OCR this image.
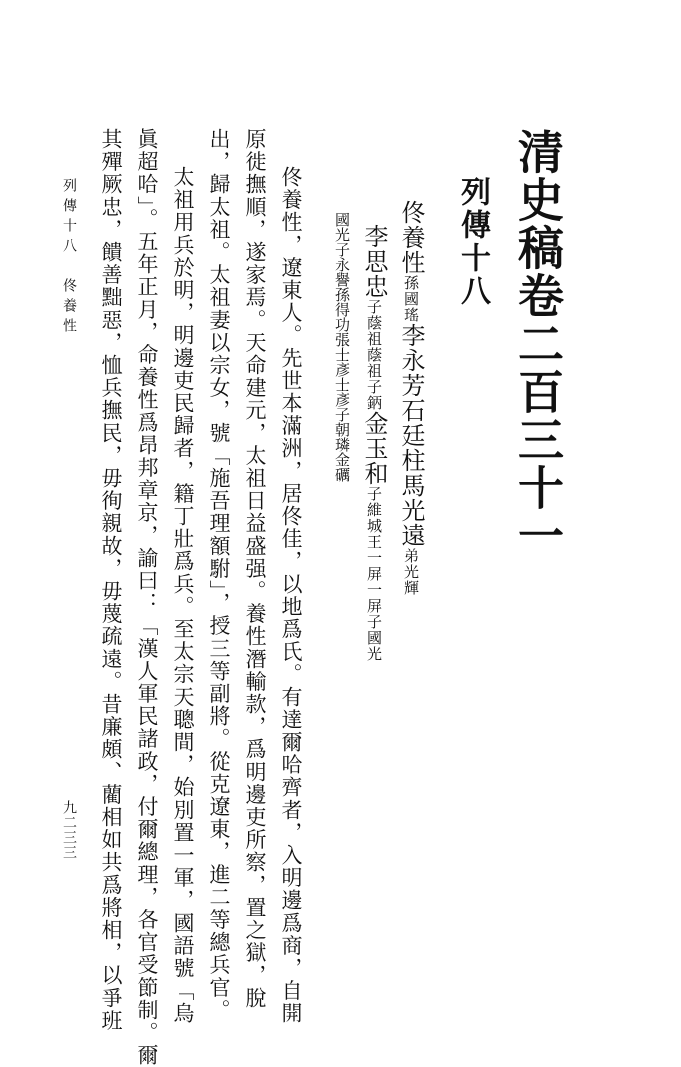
清史稿卷二百三十一
列傳十八
佟養性孫國瑤李永芳石廷柱馬光遠弟光輝
李思忠子蔭祖蔭祖子鈵金玉和子維城王一屏一屏子國光
國光子永譽孫得功張士彥士彥子朝璘金礪
佟養性，遼東人。先世本滿洲，居佟佳，以地爲氏。有達爾哈齊者，入明邊爲商，自開
原徙撫順，遂家焉。天命建元，太祖日益盛强。養性潛輸款，爲明邊吏所察，置之獄，脫
出，歸太祖。太祖妻以宗女，號「施吾理額駙」，授三等副將。從克遼東，進二等總兵官。
太祖用兵於明，明邊吏民歸者，籍丁壯爲兵。至太宗天聰間，始別置一軍，國語號「烏
眞超哈」。五年正月，命養性爲昂邦章京，諭曰：「漢人軍民諸政，付爾總理，各官受節制。爾
其殫厥忠，饋善黜惡，恤兵撫民，毋徇親故，毋蔑疏遠。昔廉頗、藺相如共爲將相，以爭班
列傳十八　佟養性
九二三三
